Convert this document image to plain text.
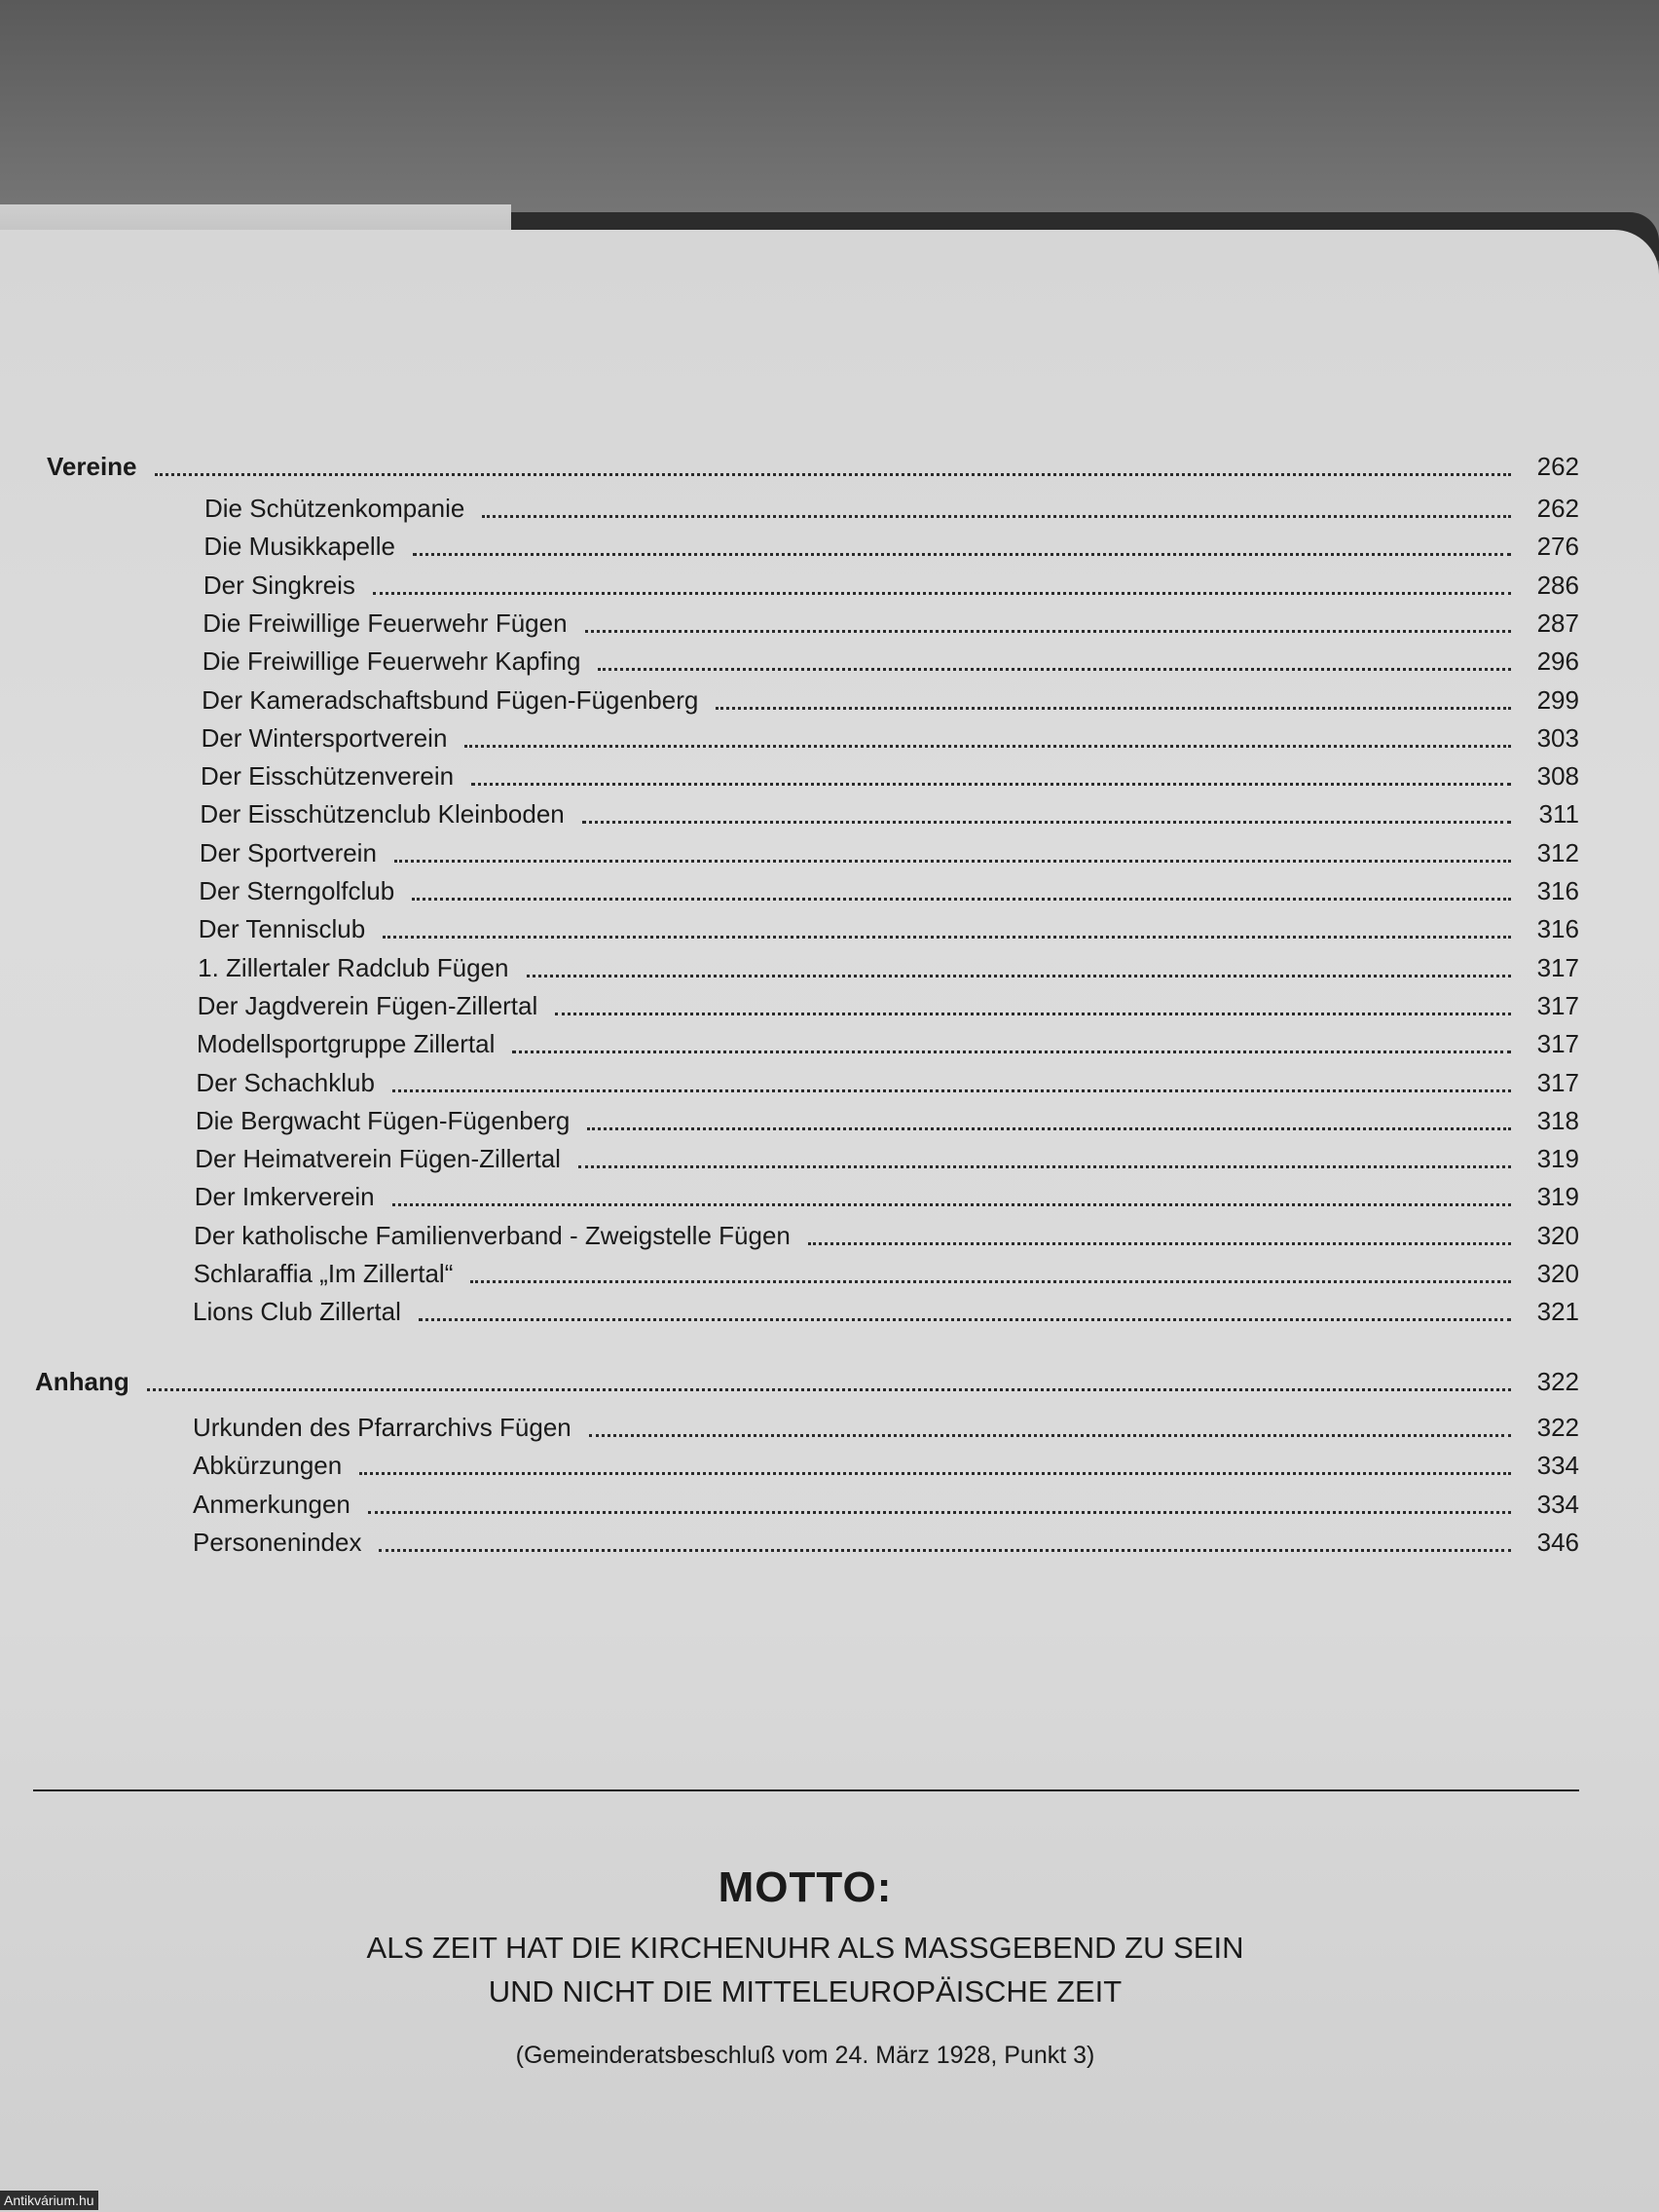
Vereine	262
Die Schützenkompanie	262
Die Musikkapelle	276
Der Singkreis	286
Die Freiwillige Feuerwehr Fügen	287
Die Freiwillige Feuerwehr Kapfing	296
Der Kameradschaftsbund Fügen-Fügenberg	299
Der Wintersportverein	303
Der Eisschützenverein	308
Der Eisschützenclub Kleinboden	311
Der Sportverein	312
Der Sterngolfclub	316
Der Tennisclub	316
1. Zillertaler Radclub Fügen	317
Der Jagdverein Fügen-Zillertal	317
Modellsportgruppe Zillertal	317
Der Schachklub	317
Die Bergwacht Fügen-Fügenberg	318
Der Heimatverein Fügen-Zillertal	319
Der Imkerverein	319
Der katholische Familienverband - Zweigstelle Fügen	320
Schlaraffia „Im Zillertal“	320
Lions Club Zillertal	321
Anhang	322
Urkunden des Pfarrarchivs Fügen	322
Abkürzungen	334
Anmerkungen	334
Personenindex	346
MOTTO:
ALS ZEIT HAT DIE KIRCHENUHR ALS MASSGEBEND ZU SEIN
UND NICHT DIE MITTELEUROPÄISCHE ZEIT
(Gemeinderatsbeschluß vom 24. März 1928, Punkt 3)
Antikvárium.hu
